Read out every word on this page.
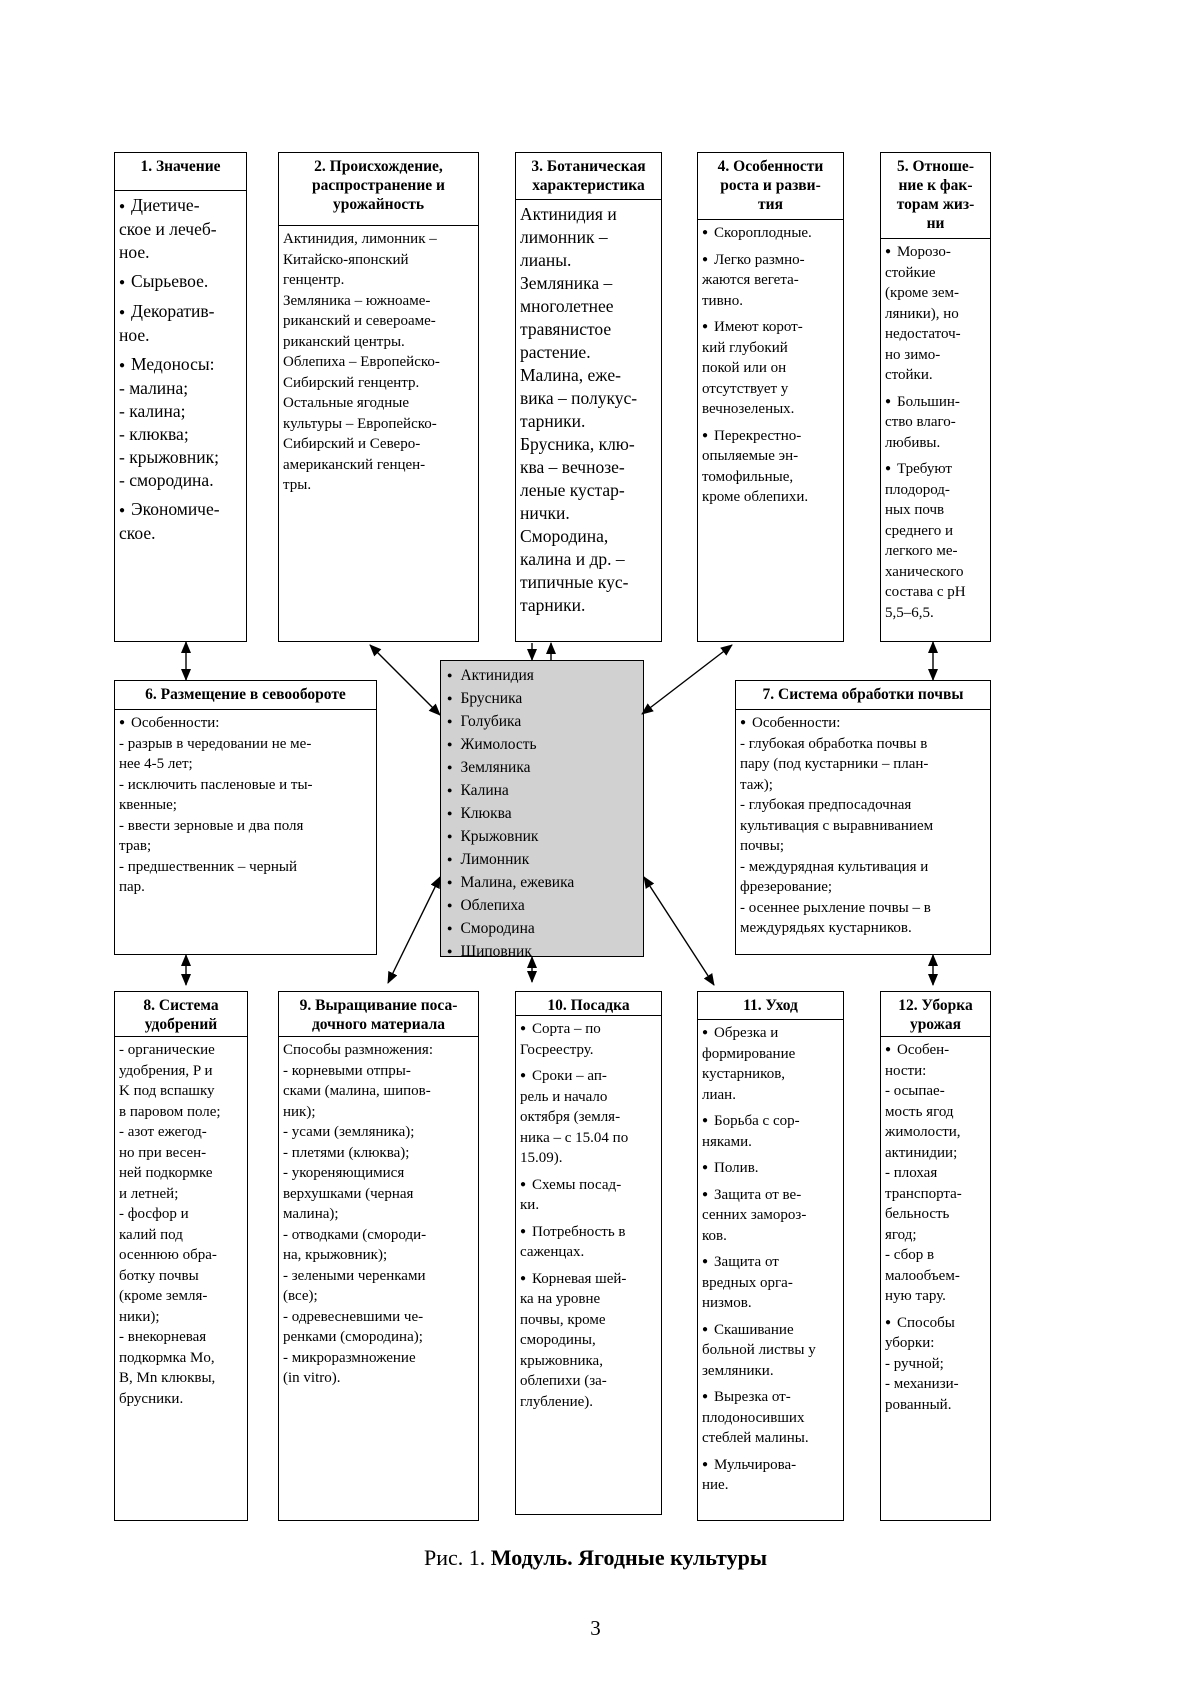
1. Значение
● Диетиче-
ское и лечеб-
ное.
● Сырьевое.
● Декоратив-
ное.
● Медоносы:
- малина;
- калина;
- клюква;
- крыжовник;
- смородина.
● Экономиче-
ское.
2. Происхождение,
распространение и
урожайность
Актинидия, лимонник –
Китайско-японский
генцентр.
Земляника – южноаме-
риканский и североаме-
риканский центры.
Облепиха – Европейско-
Сибирский генцентр.
Остальные ягодные
культуры – Европейско-
Сибирский и Северо-
американский генцен-
тры.
3. Ботаническая
характеристика
Актинидия и
лимонник –
лианы.
Земляника –
многолетнее
травянистое
растение.
Малина, ежe-
вика – полукус-
тарники.
Брусника, клю-
ква – вечнозе-
леные кустар-
нички.
Смородина,
калина и др. –
типичные кус-
тарники.
4. Особенности
роста и разви-
тия
● Скороплодные.
● Легко размно-
жаются вегета-
тивно.
● Имеют корот-
кий глубокий
покой или он
отсутствует у
вечнозеленых.
● Перекрестно-
опыляемые эн-
томофильные,
кроме облепихи.
5. Отноше-
ние к фак-
торам жиз-
ни
● Морозо-
стойкие
(кроме зем-
ляники), но
недостаточ-
но зимо-
стойки.
● Большин-
ство влаго-
любивы.
● Требуют
плодород-
ных почв
среднего и
легкого ме-
ханического
состава с pH
5,5–6,5.
6. Размещение в севообороте
● Особенности:
- разрыв в чередовании не ме-
нее 4-5 лет;
- исключить пасленовые и ты-
квенные;
- ввести зерновые и два поля
трав;
- предшественник – черный
пар.
7. Система обработки почвы
● Особенности:
- глубокая обработка почвы в
пару (под кустарники – план-
таж);
- глубокая предпосадочная
культивация с выравниванием
почвы;
- междурядная культивация и
фрезерование;
- осеннее рыхление почвы – в
междурядьях кустарников.
8. Система
удобрений
- органические
удобрения, P и
K под вспашку
в паровом поле;
- азот ежегод-
но при весен-
ней подкормке
и летней;
- фосфор и
калий под
осеннюю обра-
ботку почвы
(кроме земля-
ники);
- внекорневая
подкормка Mo,
B, Mn клюквы,
брусники.
9. Выращивание поса-
дочного материала
Способы размножения:
- корневыми отпры-
сками (малина, шипов-
ник);
- усами (земляника);
- плетями (клюква);
- укореняющимися
верхушками (черная
малина);
- отводками (смороди-
на, крыжовник);
- зелеными черенками
(все);
- одревесневшими че-
ренками (смородина);
- микроразмножение
(in vitro).
10. Посадка
● Сорта – по
Госреестру.
● Сроки – ап-
рель и начало
октября (земля-
ника – с 15.04 по
15.09).
● Схемы посад-
ки.
● Потребность в
саженцах.
● Корневая шей-
ка на уровне
почвы, кроме
смородины,
крыжовника,
облепихи (за-
глубление).
11. Уход
● Обрезка и
формирование
кустарников,
лиан.
● Борьба с сор-
няками.
● Полив.
● Защита от ве-
сенних замороз-
ков.
● Защита от
вредных орга-
низмов.
● Скашивание
больной листвы у
земляники.
● Вырезка от-
плодоносивших
стеблей малины.
● Мульчирова-
ние.
12. Уборка
урожая
● Особен-
ности:
- осыпае-
мость ягод
жимолости,
актинидии;
- плохая
транспорта-
бельность
ягод;
- сбор в
малообъем-
ную тару.
● Способы
уборки:
- ручной;
- механизи-
рованный.
● Актинидия
● Брусника
● Голубика
● Жимолость
● Земляника
● Калина
● Клюква
● Крыжовник
● Лимонник
● Малина, ежевика
● Облепиха
● Смородина
● Шиповник
Рис. 1. Модуль. Ягодные культуры
3
